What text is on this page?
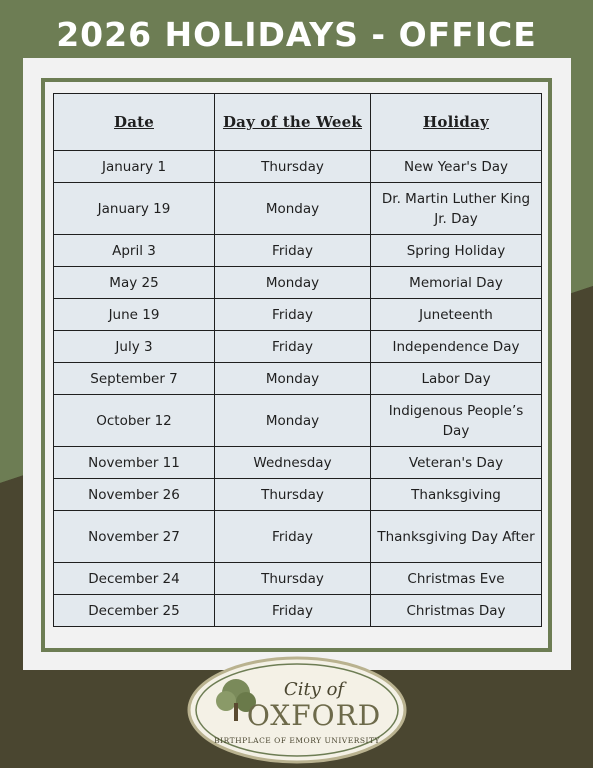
2026 HOLIDAYS - OFFICE
Date	Day of the Week	Holiday
January 1	Thursday	New Year's Day
January 19	Monday	Dr. Martin Luther King Jr. Day
April 3	Friday	Spring Holiday
May 25	Monday	Memorial Day
June 19	Friday	Juneteenth
July 3	Friday	Independence Day
September 7	Monday	Labor Day
October 12	Monday	Indigenous People’s Day
November 11	Wednesday	Veteran's Day
November 26	Thursday	Thanksgiving
November 27	Friday	Thanksgiving Day After
December 24	Thursday	Christmas Eve
December 25	Friday	Christmas Day
City of
OXFORD
BIRTHPLACE OF EMORY UNIVERSITY
